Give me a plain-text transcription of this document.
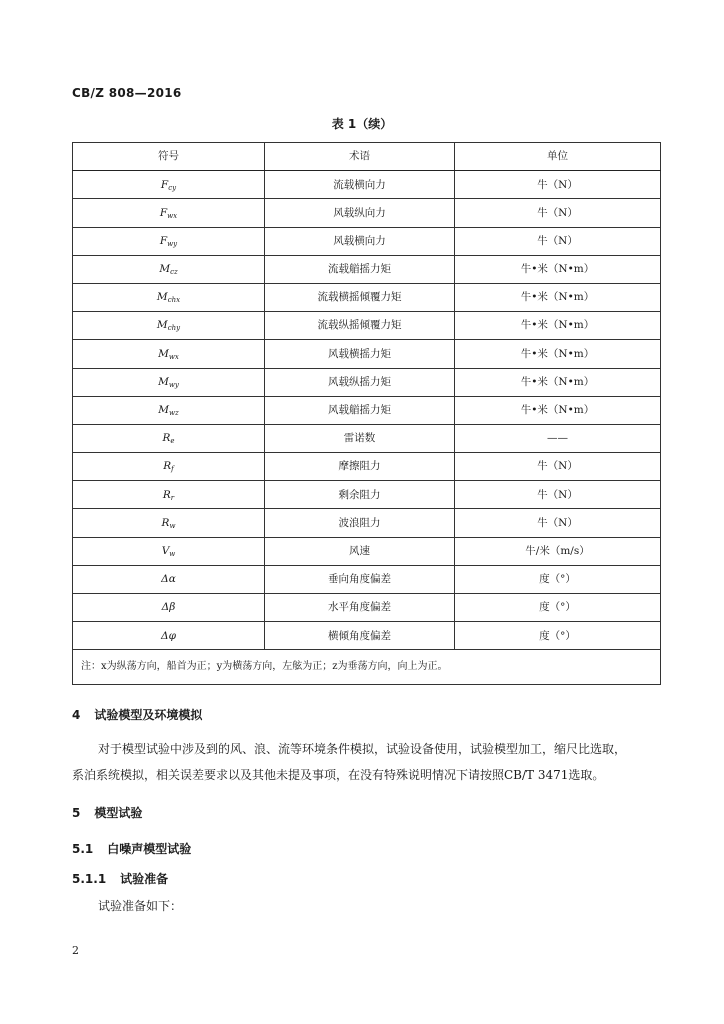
CB/Z 808—2016
表 1（续）
符号	术语	单位
$F_{cy}$	流载横向力	牛（N）
$F_{wx}$	风载纵向力	牛（N）
$F_{wy}$	风载横向力	牛（N）
$M_{cz}$	流载艏摇力矩	牛•米（N•m）
$M_{chx}$	流载横摇倾覆力矩	牛•米（N•m）
$M_{chy}$	流载纵摇倾覆力矩	牛•米（N•m）
$M_{wx}$	风载横摇力矩	牛•米（N•m）
$M_{wy}$	风载纵摇力矩	牛•米（N•m）
$M_{wz}$	风载艏摇力矩	牛•米（N•m）
$R_e$	雷诺数	——
$R_f$	摩擦阻力	牛（N）
$R_r$	剩余阻力	牛（N）
$R_w$	波浪阻力	牛（N）
$V_w$	风速	牛/米（m/s）
Δα	垂向角度偏差	度（°）
Δβ	水平角度偏差	度（°）
Δφ	横倾角度偏差	度（°）
注：x为纵荡方向，船首为正；y为横荡方向，左舷为正；z为垂荡方向，向上为正。		
4 试验模型及环境模拟
对于模型试验中涉及到的风、浪、流等环境条件模拟，试验设备使用，试验模型加工，缩尺比选取，
系泊系统模拟，相关误差要求以及其他未提及事项，在没有特殊说明情况下请按照CB/T 3471选取。
5 模型试验
5.1 白噪声模型试验
5.1.1 试验准备
试验准备如下：
2
